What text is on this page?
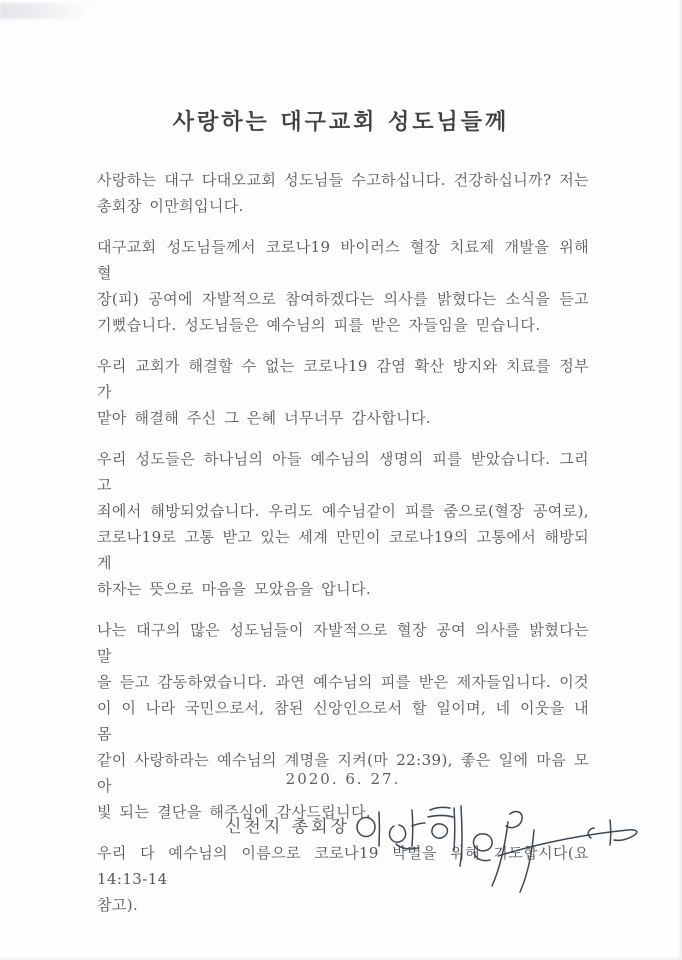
사랑하는 대구교회 성도님들께
사랑하는 대구 다대오교회 성도님들 수고하십니다. 건강하십니까? 저는
총회장 이만희입니다.
대구교회 성도님들께서 코로나19 바이러스 혈장 치료제 개발을 위해 혈
장(피) 공여에 자발적으로 참여하겠다는 의사를 밝혔다는 소식을 듣고
기뻤습니다. 성도님들은 예수님의 피를 받은 자들임을 믿습니다.
우리 교회가 해결할 수 없는 코로나19 감염 확산 방지와 치료를 정부가
맡아 해결해 주신 그 은혜 너무너무 감사합니다.
우리 성도들은 하나님의 아들 예수님의 생명의 피를 받았습니다. 그리고
죄에서 해방되었습니다. 우리도 예수님같이 피를 줌으로(혈장 공여로),
코로나19로 고통 받고 있는 세계 만민이 코로나19의 고통에서 해방되게
하자는 뜻으로 마음을 모았음을 압니다.
나는 대구의 많은 성도님들이 자발적으로 혈장 공여 의사를 밝혔다는 말
을 듣고 감동하였습니다. 과연 예수님의 피를 받은 제자들입니다. 이것
이 이 나라 국민으로서, 참된 신앙인으로서 할 일이며, 네 이웃을 내 몸
같이 사랑하라는 예수님의 계명을 지켜(마 22:39), 좋은 일에 마음 모아
빛 되는 결단을 해주심에 감사드립니다.
우리 다 예수님의 이름으로 코로나19 박멸을 위해 기도합시다(요 14:13-14
참고).
2020. 6. 27.
신천지 총회장
